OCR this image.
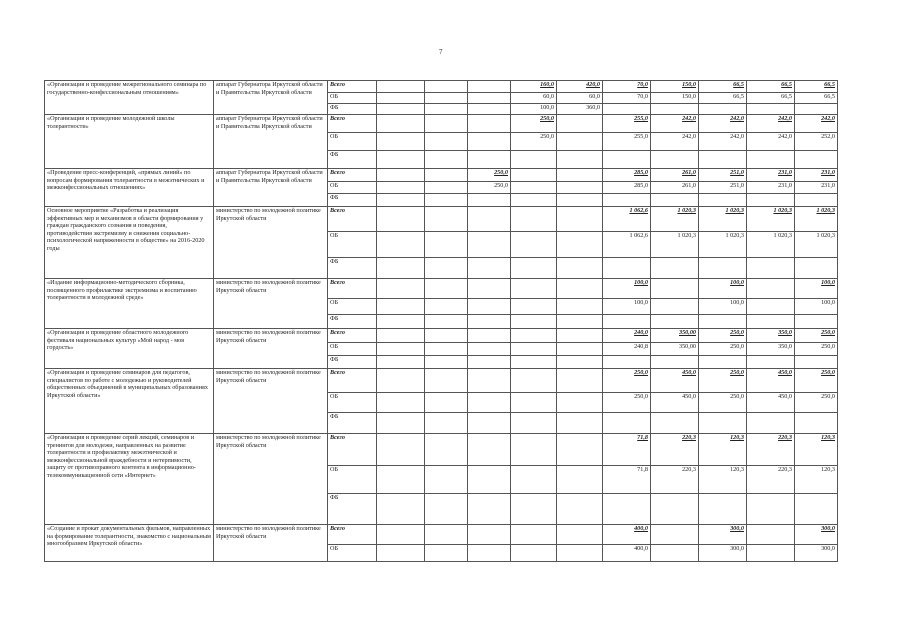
7
«Организация и проведение межрегионального семинара по государственно-конфессиональным отношениям»	аппарат Губернатора Иркутской области и Правительства Иркутской области	Всего				160,0	420,0	70,0	150,0	66,5	66,5	66,5
		ОБ				60,0	60,0	70,0	150,0	66,5	66,5	66,5
		ФБ				100,0	360,0					
«Организация и проведение молодежной школы толерантности»	аппарат Губернатора Иркутской области и Правительства Иркутской области	Всего				250,0		255,0	242,0	242,0	242,0	242,0
		ОБ				250,0		255,0	242,0	242,0	242,0	252,0
		ФБ										
«Проведение пресс-конференций, «прямых линий» по вопросам формирования толерантности в межэтнических и межконфессиональных отношениях»	аппарат Губернатора Иркутской области и Правительства Иркутской области	Всего			250,0			285,0	261,0	251,0	231,0	231,0
		ОБ			250,0			285,0	261,0	251,0	231,0	231,0
		ФБ										
Основное мероприятие «Разработка и реализация эффективных мер и механизмов в области формирования у граждан гражданского сознания и поведения, противодействия экстремизму и снижения социально-психологической напряженности в обществе» на 2016-2020 годы	министерство по молодежной политике Иркутской области	Всего						1 062,6	1 020,3	1 020,3	1 020,3	1 020,3
		ОБ						1 062,6	1 020,3	1 020,3	1 020,3	1 020,3
		ФБ										
«Издание информационно-методического сборника, посвященного профилактике экстремизма и воспитанию толерантности в молодежной среде»	министерство по молодежной политике Иркутской области	Всего						100,0		100,0		100,0
		ОБ						100,0		100,0		100,0
		ФБ										
«Организация и проведение областного молодежного фестиваля национальных культур «Мой народ - моя гордость»	министерство по молодежной политике Иркутской области	Всего						240,0	350,00	250,0	350,0	250,0
		ОБ						240,8	350,00	250,0	350,0	250,0
		ФБ										
«Организация и проведение семинаров для педагогов, специалистов по работе с молодежью и руководителей общественных объединений в муниципальных образованиях Иркутской области»	министерство по молодежной политике Иркутской области	Всего						250,0	450,0	250,0	450,0	250,0
		ОБ						250,0	450,0	250,0	450,0	250,0
		ФБ										
«Организация и проведение серий лекций, семинаров и тренингов для молодежи, направленных на развитие толерантности и профилактику межэтнической и межконфессиональной враждебности и нетерпимости, защиту от противоправного контента в информационно-телекоммуникационной сети «Интернет»	министерство по молодежной политике Иркутской области	Всего						71,8	220,3	120,3	220,3	120,3
		ОБ						71,8	220,3	120,3	220,3	120,3
		ФБ										
«Создание и прокат документальных фильмов, направленных на формирование толерантности, знакомство с национальным многообразием Иркутской области»	министерство по молодежной политике Иркутской области	Всего						400,0		300,0		300,0
		ОБ						400,0		300,0		300,0
